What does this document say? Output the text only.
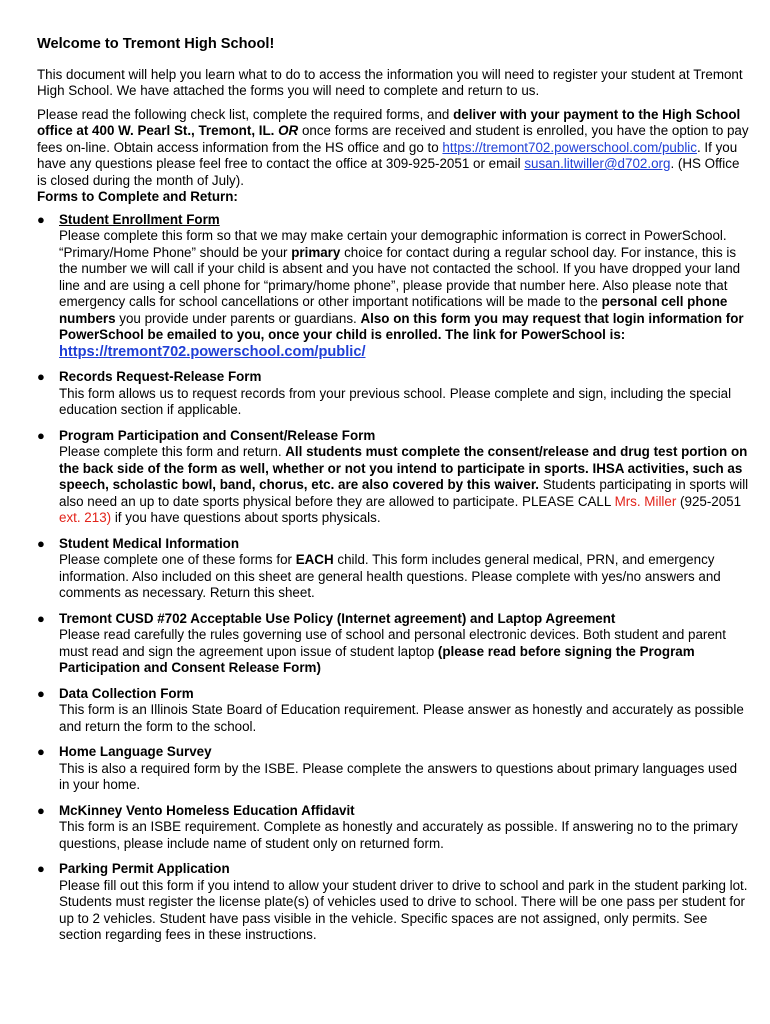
Welcome to Tremont High School!

This document will help you learn what to do to access the information you will need to register your student at Tremont High School. We have attached the forms you will need to complete and return to us.

Please read the following check list, complete the required forms, and deliver with your payment to the High School office at 400 W. Pearl St., Tremont, IL. OR once forms are received and student is enrolled, you have the option to pay fees on-line. Obtain access information from the HS office and go to https://tremont702.powerschool.com/public. If you have any questions please feel free to contact the office at 309-925-2051 or email susan.litwiller@d702.org. (HS Office is closed during the month of July).

Forms to Complete and Return:
● Student Enrollment Form
Please complete this form so that we may make certain your demographic information is correct in PowerSchool. “Primary/Home Phone” should be your primary choice for contact during a regular school day. For instance, this is the number we will call if your child is absent and you have not contacted the school. If you have dropped your land line and are using a cell phone for “primary/home phone”, please provide that number here. Also please note that emergency calls for school cancellations or other important notifications will be made to the personal cell phone numbers you provide under parents or guardians. Also on this form you may request that login information for PowerSchool be emailed to you, once your child is enrolled. The link for PowerSchool is: https://tremont702.powerschool.com/public/
● Records Request-Release Form
This form allows us to request records from your previous school. Please complete and sign, including the special education section if applicable.
● Program Participation and Consent/Release Form
Please complete this form and return. All students must complete the consent/release and drug test portion on the back side of the form as well, whether or not you intend to participate in sports. IHSA activities, such as speech, scholastic bowl, band, chorus, etc. are also covered by this waiver. Students participating in sports will also need an up to date sports physical before they are allowed to participate. PLEASE CALL Mrs. Miller (925-2051 ext. 213) if you have questions about sports physicals.
● Student Medical Information
Please complete one of these forms for EACH child. This form includes general medical, PRN, and emergency information. Also included on this sheet are general health questions. Please complete with yes/no answers and comments as necessary. Return this sheet.
● Tremont CUSD #702 Acceptable Use Policy (Internet agreement) and Laptop Agreement
Please read carefully the rules governing use of school and personal electronic devices. Both student and parent must read and sign the agreement upon issue of student laptop (please read before signing the Program Participation and Consent Release Form)
● Data Collection Form
This form is an Illinois State Board of Education requirement. Please answer as honestly and accurately as possible and return the form to the school.
● Home Language Survey
This is also a required form by the ISBE. Please complete the answers to questions about primary languages used in your home.
● McKinney Vento Homeless Education Affidavit
This form is an ISBE requirement. Complete as honestly and accurately as possible. If answering no to the primary questions, please include name of student only on returned form.
● Parking Permit Application
Please fill out this form if you intend to allow your student driver to drive to school and park in the student parking lot. Students must register the license plate(s) of vehicles used to drive to school. There will be one pass per student for up to 2 vehicles. Student have pass visible in the vehicle. Specific spaces are not assigned, only permits. See section regarding fees in these instructions.
